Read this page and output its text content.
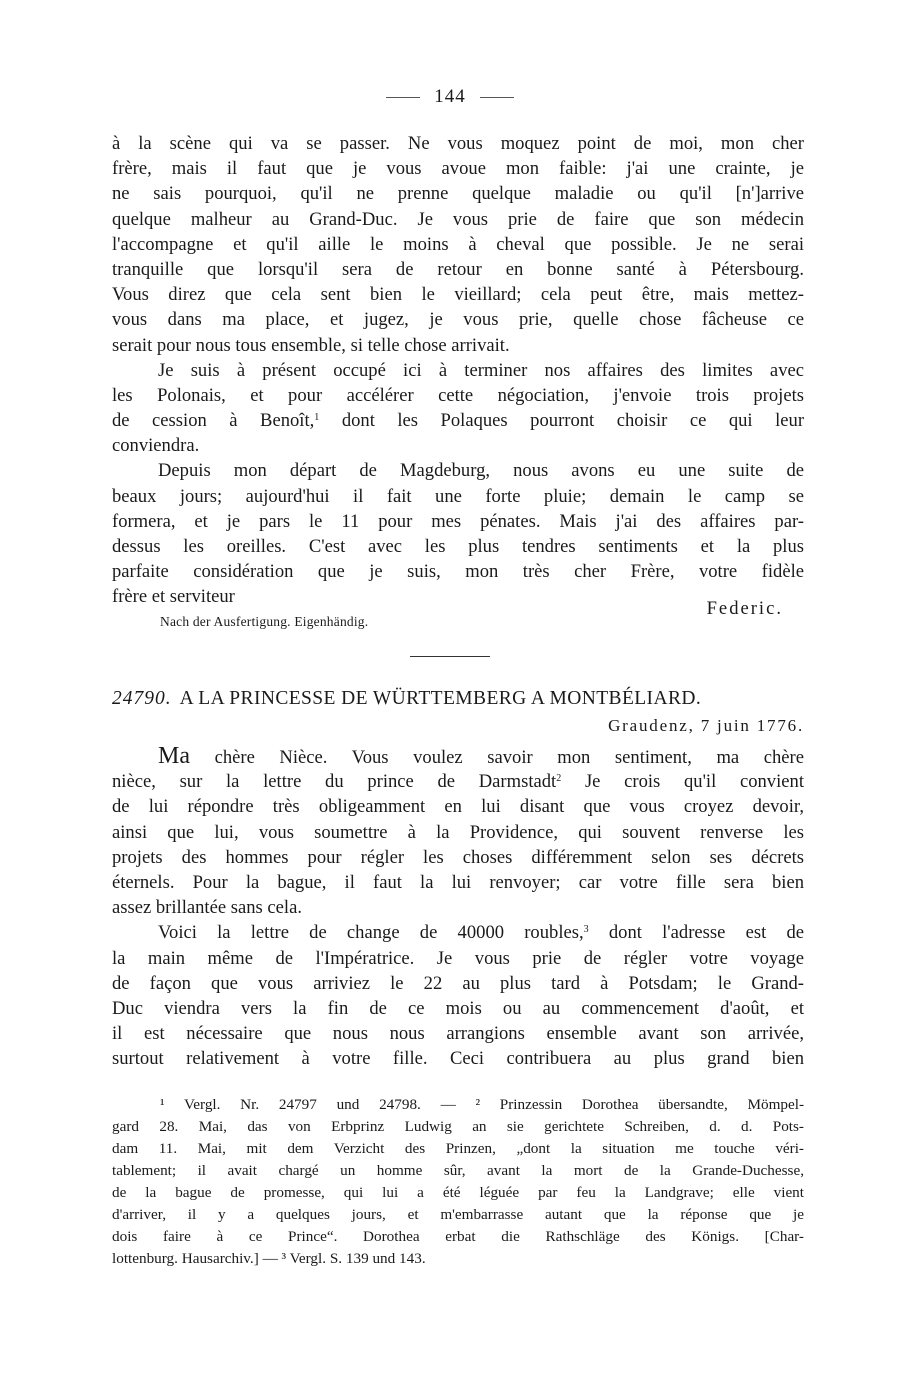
144
à la scène qui va se passer. Ne vous moquez point de moi, mon cher
frère, mais il faut que je vous avoue mon faible: j'ai une crainte, je
ne sais pourquoi, qu'il ne prenne quelque maladie ou qu'il [n']arrive
quelque malheur au Grand-Duc. Je vous prie de faire que son médecin
l'accompagne et qu'il aille le moins à cheval que possible. Je ne serai
tranquille que lorsqu'il sera de retour en bonne santé à Pétersbourg.
Vous direz que cela sent bien le vieillard; cela peut être, mais mettez-
vous dans ma place, et jugez, je vous prie, quelle chose fâcheuse ce
serait pour nous tous ensemble, si telle chose arrivait.
Je suis à présent occupé ici à terminer nos affaires des limites avec
les Polonais, et pour accélérer cette négociation, j'envoie trois projets
de cession à Benoît,$^1$ dont les Polaques pourront choisir ce qui leur
conviendra.
Depuis mon départ de Magdeburg, nous avons eu une suite de
beaux jours; aujourd'hui il fait une forte pluie; demain le camp se
formera, et je pars le 11 pour mes pénates. Mais j'ai des affaires par-
dessus les oreilles. C'est avec les plus tendres sentiments et la plus
parfaite considération que je suis, mon très cher Frère, votre fidèle
frère et serviteur
Federic.
Nach der Ausfertigung. Eigenhändig.
24790. A LA PRINCESSE DE WÜRTTEMBERG A MONTBÉLIARD.
Graudenz, 7 juin 1776.
Ma chère Nièce. Vous voulez savoir mon sentiment, ma chère
nièce, sur la lettre du prince de Darmstadt$^2$ Je crois qu'il convient
de lui répondre très obligeamment en lui disant que vous croyez devoir,
ainsi que lui, vous soumettre à la Providence, qui souvent renverse les
projets des hommes pour régler les choses différemment selon ses décrets
éternels. Pour la bague, il faut la lui renvoyer; car votre fille sera bien
assez brillantée sans cela.
Voici la lettre de change de 40000 roubles,$^3$ dont l'adresse est de
la main même de l'Impératrice. Je vous prie de régler votre voyage
de façon que vous arriviez le 22 au plus tard à Potsdam; le Grand-
Duc viendra vers la fin de ce mois ou au commencement d'août, et
il est nécessaire que nous nous arrangions ensemble avant son arrivée,
surtout relativement à votre fille. Ceci contribuera au plus grand bien
¹ Vergl. Nr. 24797 und 24798. — ² Prinzessin Dorothea übersandte, Mömpel-
gard 28. Mai, das von Erbprinz Ludwig an sie gerichtete Schreiben, d. d. Pots-
dam 11. Mai, mit dem Verzicht des Prinzen, „dont la situation me touche véri-
tablement; il avait chargé un homme sûr, avant la mort de la Grande-Duchesse,
de la bague de promesse, qui lui a été léguée par feu la Landgrave; elle vient
d'arriver, il y a quelques jours, et m'embarrasse autant que la réponse que je
dois faire à ce Prince“. Dorothea erbat die Rathschläge des Königs. [Char-
lottenburg. Hausarchiv.] — ³ Vergl. S. 139 und 143.
